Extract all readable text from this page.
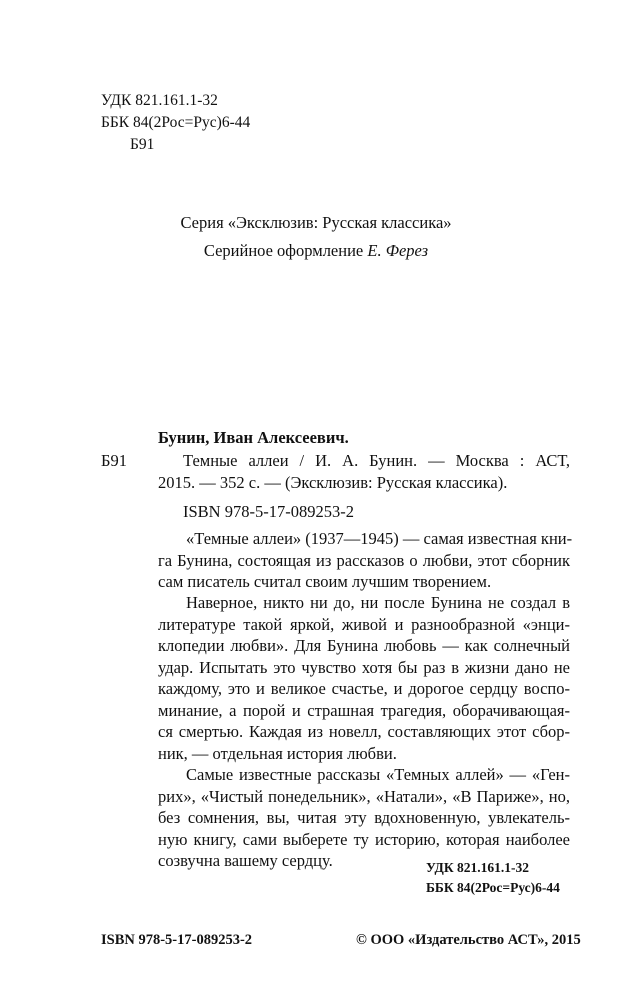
УДК 821.161.1-32
ББК 84(2Рос=Рус)6-44
Б91
Серия «Эксклюзив: Русская классика»
Серийное оформление Е. Ферез
Бунин, Иван Алексеевич.
Б91	Темные аллеи / И. А. Бунин. — Москва : АСТ,
2015. — 352 с. — (Эксклюзив: Русская классика).
ISBN 978-5-17-089253-2
«Темные аллеи» (1937—1945) — самая известная кни-
га Бунина, состоящая из рассказов о любви, этот сборник
сам писатель считал своим лучшим творением.
Наверное, никто ни до, ни после Бунина не создал в
литературе такой яркой, живой и разнообразной «энци-
клопедии любви». Для Бунина любовь — как солнечный
удар. Испытать это чувство хотя бы раз в жизни дано не
каждому, это и великое счастье, и дорогое сердцу воспо-
минание, а порой и страшная трагедия, оборачивающая-
ся смертью. Каждая из новелл, составляющих этот сбор-
ник, — отдельная история любви.
Самые известные рассказы «Темных аллей» — «Ген-
рих», «Чистый понедельник», «Натали», «В Париже», но,
без сомнения, вы, читая эту вдохновенную, увлекатель-
ную книгу, сами выберете ту историю, которая наиболее
созвучна вашему сердцу.	УДК 821.161.1-32
ББК 84(2Рос=Рус)6-44
ISBN 978-5-17-089253-2	© ООО «Издательство АСТ», 2015
